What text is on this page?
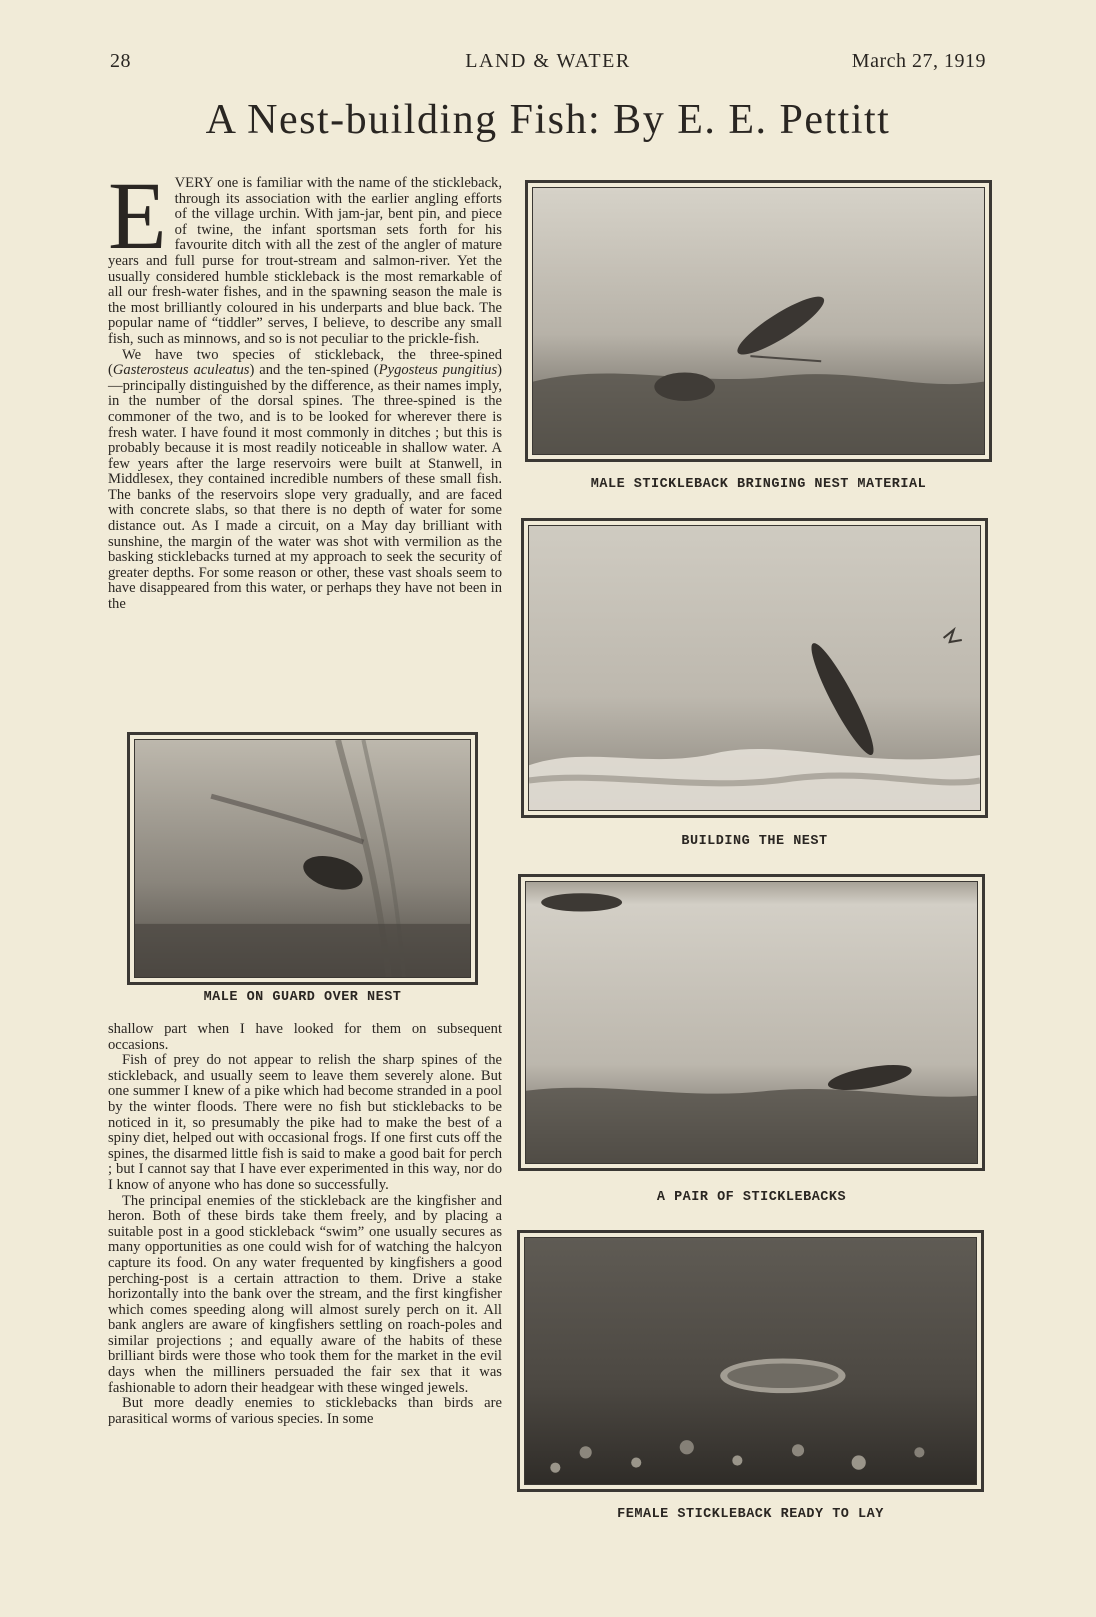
28	LAND & WATER	March 27, 1919
A Nest-building Fish: By E. E. Pettitt

EVERY one is familiar with the name of the stickleback, through its association with the earlier angling efforts of the village urchin. With jam-jar, bent pin, and piece of twine, the infant sportsman sets forth for his favourite ditch with all the zest of the angler of mature years and full purse for trout-stream and salmon-river. Yet the usually considered humble stickleback is the most remarkable of all our fresh-water fishes, and in the spawning season the male is the most brilliantly coloured in his underparts and blue back. The popular name of “tiddler” serves, I believe, to describe any small fish, such as minnows, and so is not peculiar to the prickle-fish.

We have two species of stickleback, the three-spined (Gasterosteus aculeatus) and the ten-spined (Pygosteus pungitius)—principally distinguished by the difference, as their names imply, in the number of the dorsal spines. The three-spined is the commoner of the two, and is to be looked for wherever there is fresh water. I have found it most commonly in ditches ; but this is probably because it is most readily noticeable in shallow water. A few years after the large reservoirs were built at Stanwell, in Middlesex, they contained incredible numbers of these small fish. The banks of the reservoirs slope very gradually, and are faced with concrete slabs, so that there is no depth of water for some distance out. As I made a circuit, on a May day brilliant with sunshine, the margin of the water was shot with vermilion as the basking sticklebacks turned at my approach to seek the security of greater depths. For some reason or other, these vast shoals seem to have disappeared from this water, or perhaps they have not been in the

MALE ON GUARD OVER NEST

shallow part when I have looked for them on subsequent occasions.

Fish of prey do not appear to relish the sharp spines of the stickleback, and usually seem to leave them severely alone. But one summer I knew of a pike which had become stranded in a pool by the winter floods. There were no fish but sticklebacks to be noticed in it, so presumably the pike had to make the best of a spiny diet, helped out with occasional frogs. If one first cuts off the spines, the disarmed little fish is said to make a good bait for perch ; but I cannot say that I have ever experimented in this way, nor do I know of anyone who has done so successfully.

The principal enemies of the stickleback are the kingfisher and heron. Both of these birds take them freely, and by placing a suitable post in a good stickleback “swim” one usually secures as many opportunities as one could wish for of watching the halcyon capture its food. On any water frequented by kingfishers a good perching-post is a certain attraction to them. Drive a stake horizontally into the bank over the stream, and the first kingfisher which comes speeding along will almost surely perch on it. All bank anglers are aware of kingfishers settling on roach-poles and similar projections ; and equally aware of the habits of these brilliant birds were those who took them for the market in the evil days when the milliners persuaded the fair sex that it was fashionable to adorn their headgear with these winged jewels.

But more deadly enemies to sticklebacks than birds are parasitical worms of various species. In some

MALE STICKLEBACK BRINGING NEST MATERIAL
BUILDING THE NEST
A PAIR OF STICKLEBACKS
FEMALE STICKLEBACK READY TO LAY
